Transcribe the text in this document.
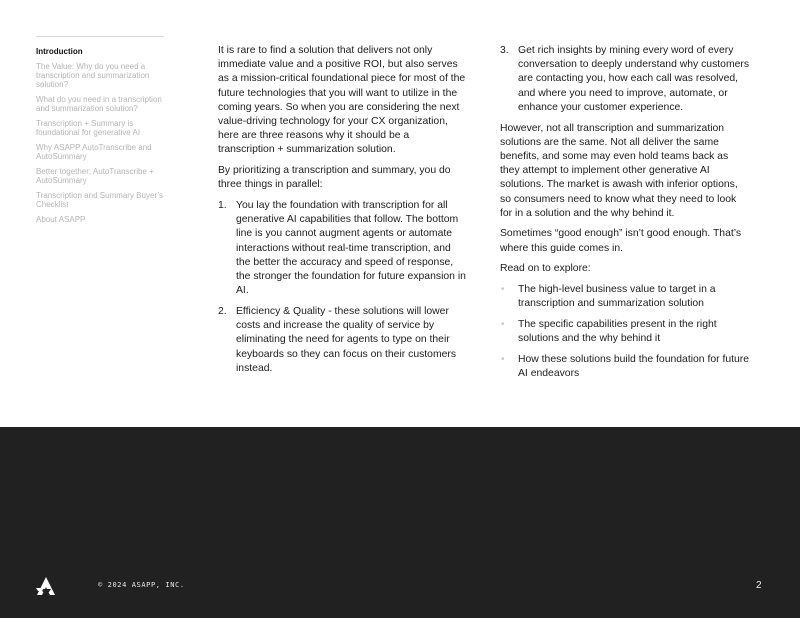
Introduction
The Value: Why do you need a transcription and summarization solution?
What do you need in a transcription and summarization solution?
Transcription + Summary is foundational for generative AI
Why ASAPP AutoTranscribe and AutoSummary
Better together: AutoTranscribe + AutoSummary
Transcription and Summary Buyer’s Checklist
About ASAPP

It is rare to find a solution that delivers not only immediate value and a positive ROI, but also serves as a mission-critical foundational piece for most of the future technologies that you will want to utilize in the coming years. So when you are considering the next value-driving technology for your CX organization, here are three reasons why it should be a transcription + summarization solution.

By prioritizing a transcription and summary, you do three things in parallel:

1. You lay the foundation with transcription for all generative AI capabilities that follow. The bottom line is you cannot augment agents or automate interactions without real-time transcription, and the better the accuracy and speed of response, the stronger the foundation for future expansion in AI.
2. Efficiency & Quality - these solutions will lower costs and increase the quality of service by eliminating the need for agents to type on their keyboards so they can focus on their customers instead.
3. Get rich insights by mining every word of every conversation to deeply understand why customers are contacting you, how each call was resolved, and where you need to improve, automate, or enhance your customer experience.

However, not all transcription and summarization solutions are the same. Not all deliver the same benefits, and some may even hold teams back as they attempt to implement other generative AI solutions. The market is awash with inferior options, so consumers need to know what they need to look for in a solution and the why behind it.

Sometimes “good enough” isn’t good enough. That’s where this guide comes in.

Read on to explore:

• The high-level business value to target in a transcription and summarization solution
• The specific capabilities present in the right solutions and the why behind it
• How these solutions build the foundation for future AI endeavors
© 2024 ASAPP, INC.	2
